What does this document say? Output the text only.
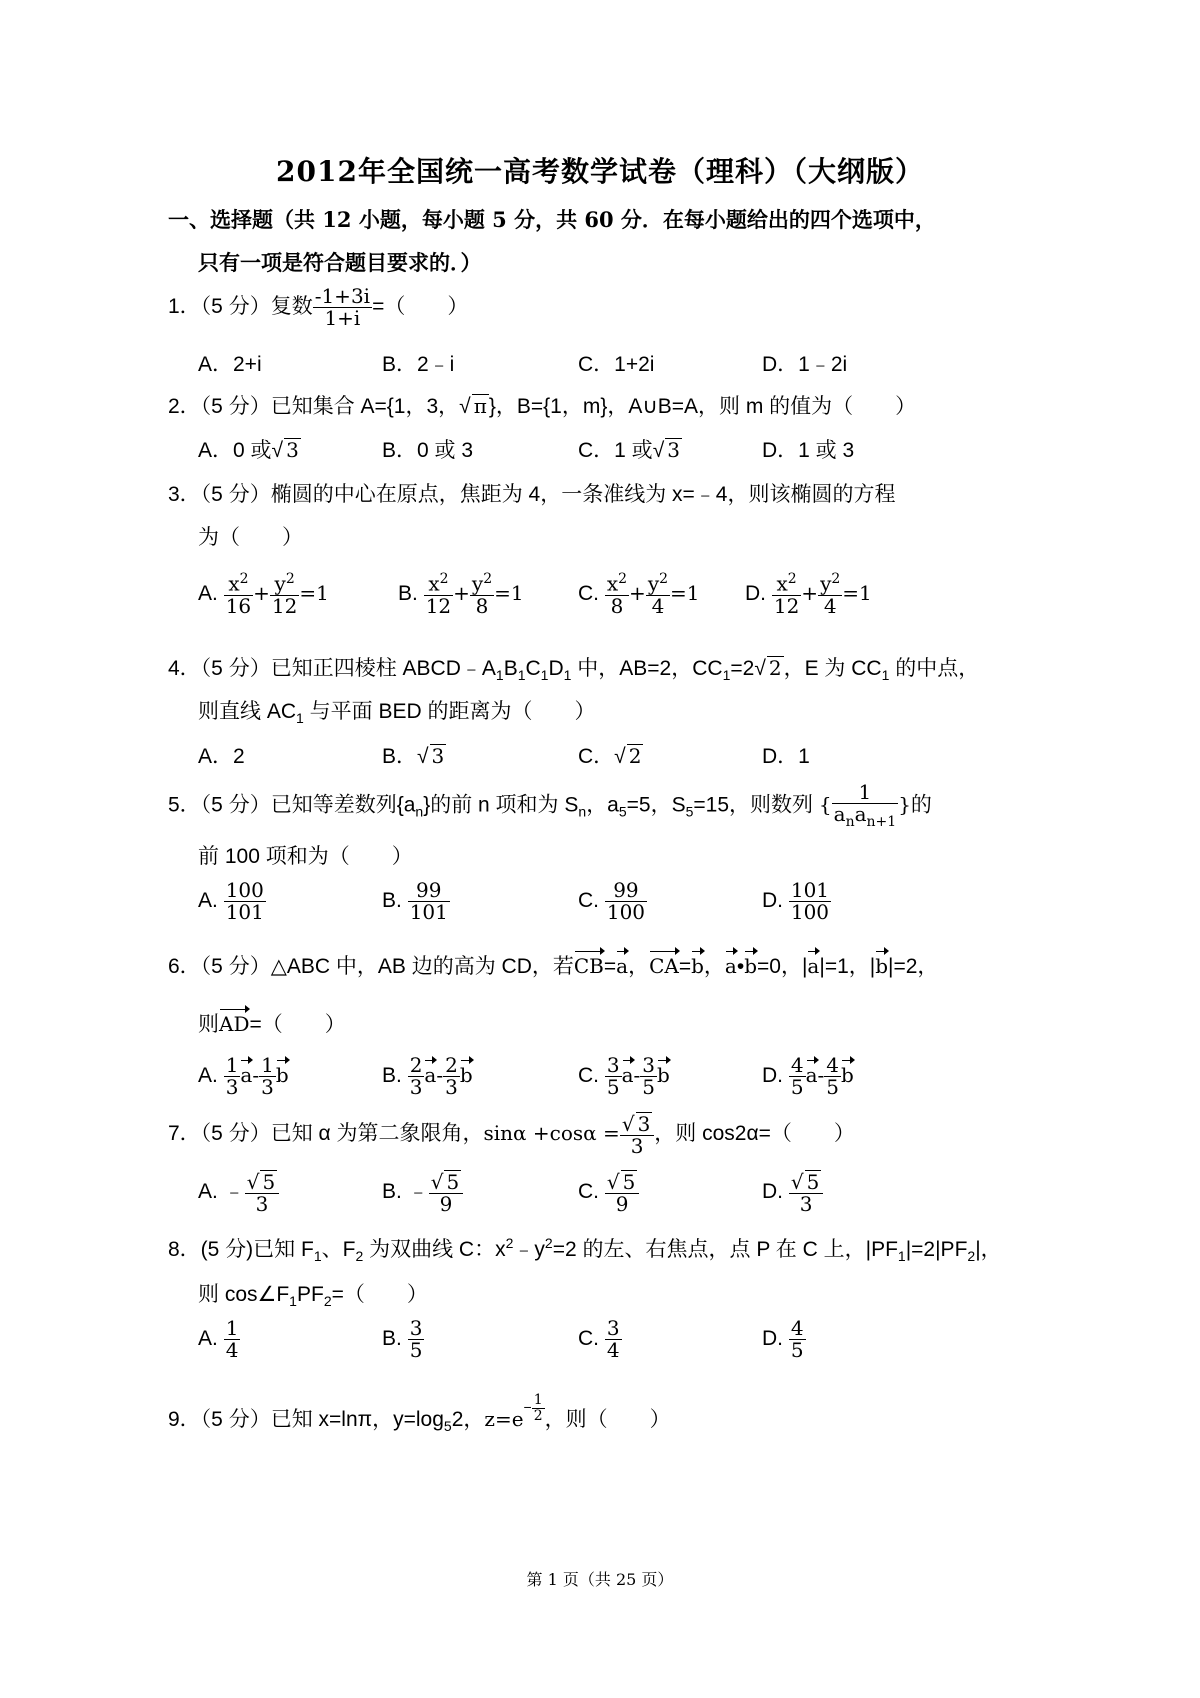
2012年全国统一高考数学试卷（理科）（大纲版）
一、选择题（共 12 小题，每小题 5 分，共 60 分．在每小题给出的四个选项中，
只有一项是符合题目要求的．）
1．（5 分）复数 $\frac{-1+3i}{1+i}$ =（　　）
A．2+i	B．2﹣i	C．1+2i	D．1﹣2i
2．（5 分）已知集合 A={1，3，√ π}，B={1，m}，A∪B=A，则 m 的值为（　　）
A．0 或√ 3	B．0 或 3	C．1 或√ 3	D．1 或 3
3．（5 分）椭圆的中心在原点，焦距为 4，一条准线为 x=﹣4，则该椭圆的方程
为（　　）
A. $\frac{x^2}{16} + \frac{y^2}{12} =1$	B. $\frac{x^2}{12} + \frac{y^2}{8} =1$	C. $\frac{x^2}{8} + \frac{y^2}{4} =1$ D. $\frac{x^2}{12} + \frac{y^2}{4} =1$
4．（5 分）已知正四棱柱 $ABCD﹣A_1B_1C_1D_1$ 中，AB=2，$CC_1=2√$ 2，E 为 $CC_1$ 的中点，
则直线 $AC_1$ 与平面 BED 的距离为（　　）
A．2	B．√ 3	C．√ 2	D．1
5．（5 分）已知等差数列$\{a_n\}$的前 n 项和为 $S_n$，$a_5=5$，$S_5=15$，则数列 { $\frac{1}{a_na_{n+1}}$ }的
前 100 项和为（　　）
A. $\frac{100}{101}$	B. $\frac{99}{101}$	C. $\frac{99}{100}$	D. $\frac{101}{100}$
6．（5 分）△ABC 中，AB 边的高为 CD，若CB=a，CA=b，a•b=0，|a|=1，|b|=2，
则AD=（　　）
A. $\frac{1}{3} a- \frac{1}{3}$ b	B. $\frac{2}{3} a- \frac{2}{3}$ b	C. $\frac{3}{5} a- \frac{3}{5}$ b	D. $\frac{4}{5} a- \frac{4}{5}$ b
7．（5 分）已知 α 为第二象限角，$\sin\alpha +\cos\alpha = \frac{√ 3}{3}$ ，则 cos2α=（　　）
A. ﹣ $\frac{√ 5}{3}$	B. ﹣ $\frac{√ 5}{9}$	C. $\frac{√ 5}{9}$	D. $\frac{√ 5}{3}$
8．(5 分)已知 $F_1$、$F_2$ 为双曲线 C：$x^2﹣y^2=2$ 的左、右焦点，点 P 在 C 上，$|PF_1|=2|PF_2|$，
则 $\cos\angle F_1PF_2=$（　　）
A. $\frac{1}{4}$	B. $\frac{3}{5}$	C. $\frac{3}{4}$	D. $\frac{4}{5}$
9．（5 分）已知 x=lnπ，$y=\log_52$，$z=e- \frac{1}{2}$ ，则（　　）
第 1 页（共 25 页）
